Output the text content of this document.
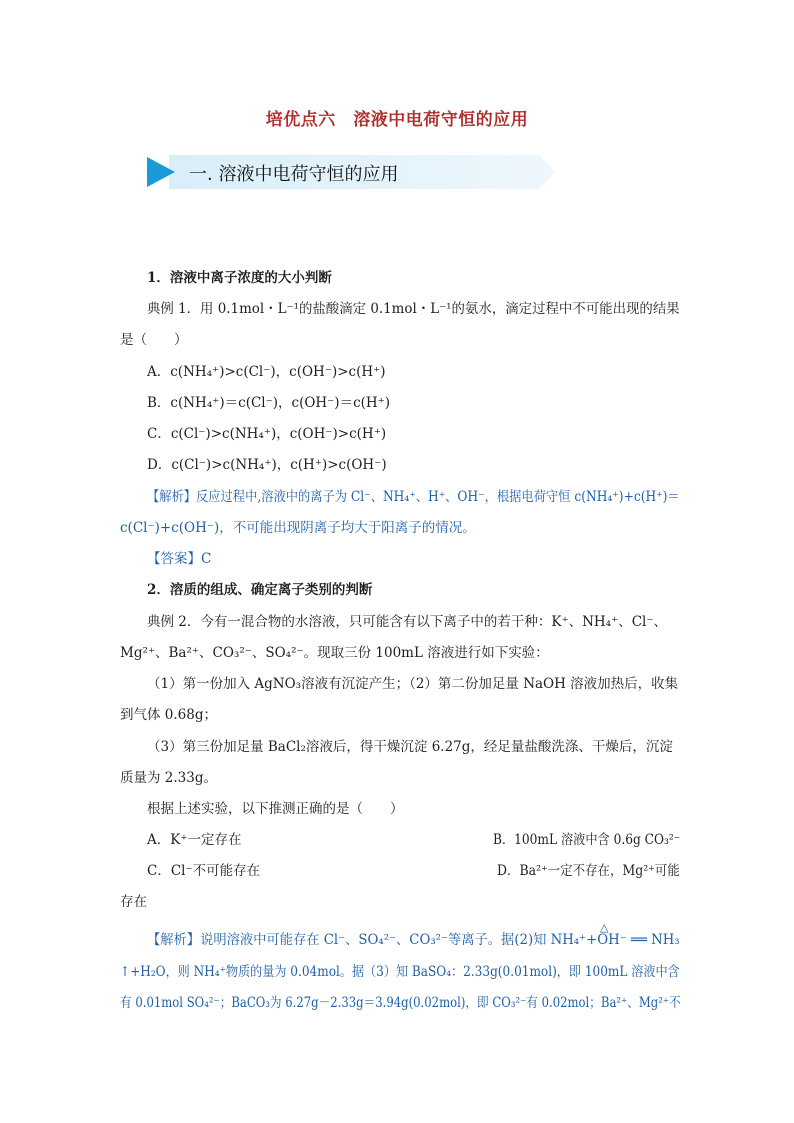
培优点六　溶液中电荷守恒的应用
一. 溶液中电荷守恒的应用
1．溶液中离子浓度的大小判断
典例 1．用 0.1mol・L⁻¹的盐酸滴定 0.1mol・L⁻¹的氨水，滴定过程中不可能出现的结果
是（　　）
A．c(NH₄⁺)>c(Cl⁻)，c(OH⁻)>c(H⁺)
B．c(NH₄⁺)＝c(Cl⁻)，c(OH⁻)＝c(H⁺)
C．c(Cl⁻)>c(NH₄⁺)，c(OH⁻)>c(H⁺)
D．c(Cl⁻)>c(NH₄⁺)，c(H⁺)>c(OH⁻)
【解析】反应过程中,溶液中的离子为 Cl⁻、NH₄⁺、H⁺、OH⁻，根据电荷守恒 c(NH₄⁺)+c(H⁺)＝
c(Cl⁻)+c(OH⁻)，不可能出现阴离子均大于阳离子的情况。
【答案】C
2．溶质的组成、确定离子类别的判断
典例 2．今有一混合物的水溶液，只可能含有以下离子中的若干种：K⁺、NH₄⁺、Cl⁻、
Mg²⁺、Ba²⁺、CO₃²⁻、SO₄²⁻。现取三份 100mL 溶液进行如下实验：
（1）第一份加入 AgNO₃溶液有沉淀产生；（2）第二份加足量 NaOH 溶液加热后，收集
到气体 0.68g；
（3）第三份加足量 BaCl₂溶液后，得干燥沉淀 6.27g，经足量盐酸洗涤、干燥后，沉淀
质量为 2.33g。
根据上述实验，以下推测正确的是（　　）
A．K⁺一定存在	B．100mL 溶液中含 0.6g CO₃²⁻
C．Cl⁻不可能存在	D．Ba²⁺一定不存在，Mg²⁺可能
存在
△
【解析】说明溶液中可能存在 Cl⁻、SO₄²⁻、CO₃²⁻等离子。据(2)知 NH₄⁺+OH⁻ ══ NH₃
↑+H₂O，则 NH₄⁺物质的量为 0.04mol。据（3）知 BaSO₄：2.33g(0.01mol)，即 100mL 溶液中含
有 0.01mol SO₄²⁻；BaCO₃为 6.27g－2.33g＝3.94g(0.02mol)，即 CO₃²⁻有 0.02mol；Ba²⁺、Mg²⁺不
